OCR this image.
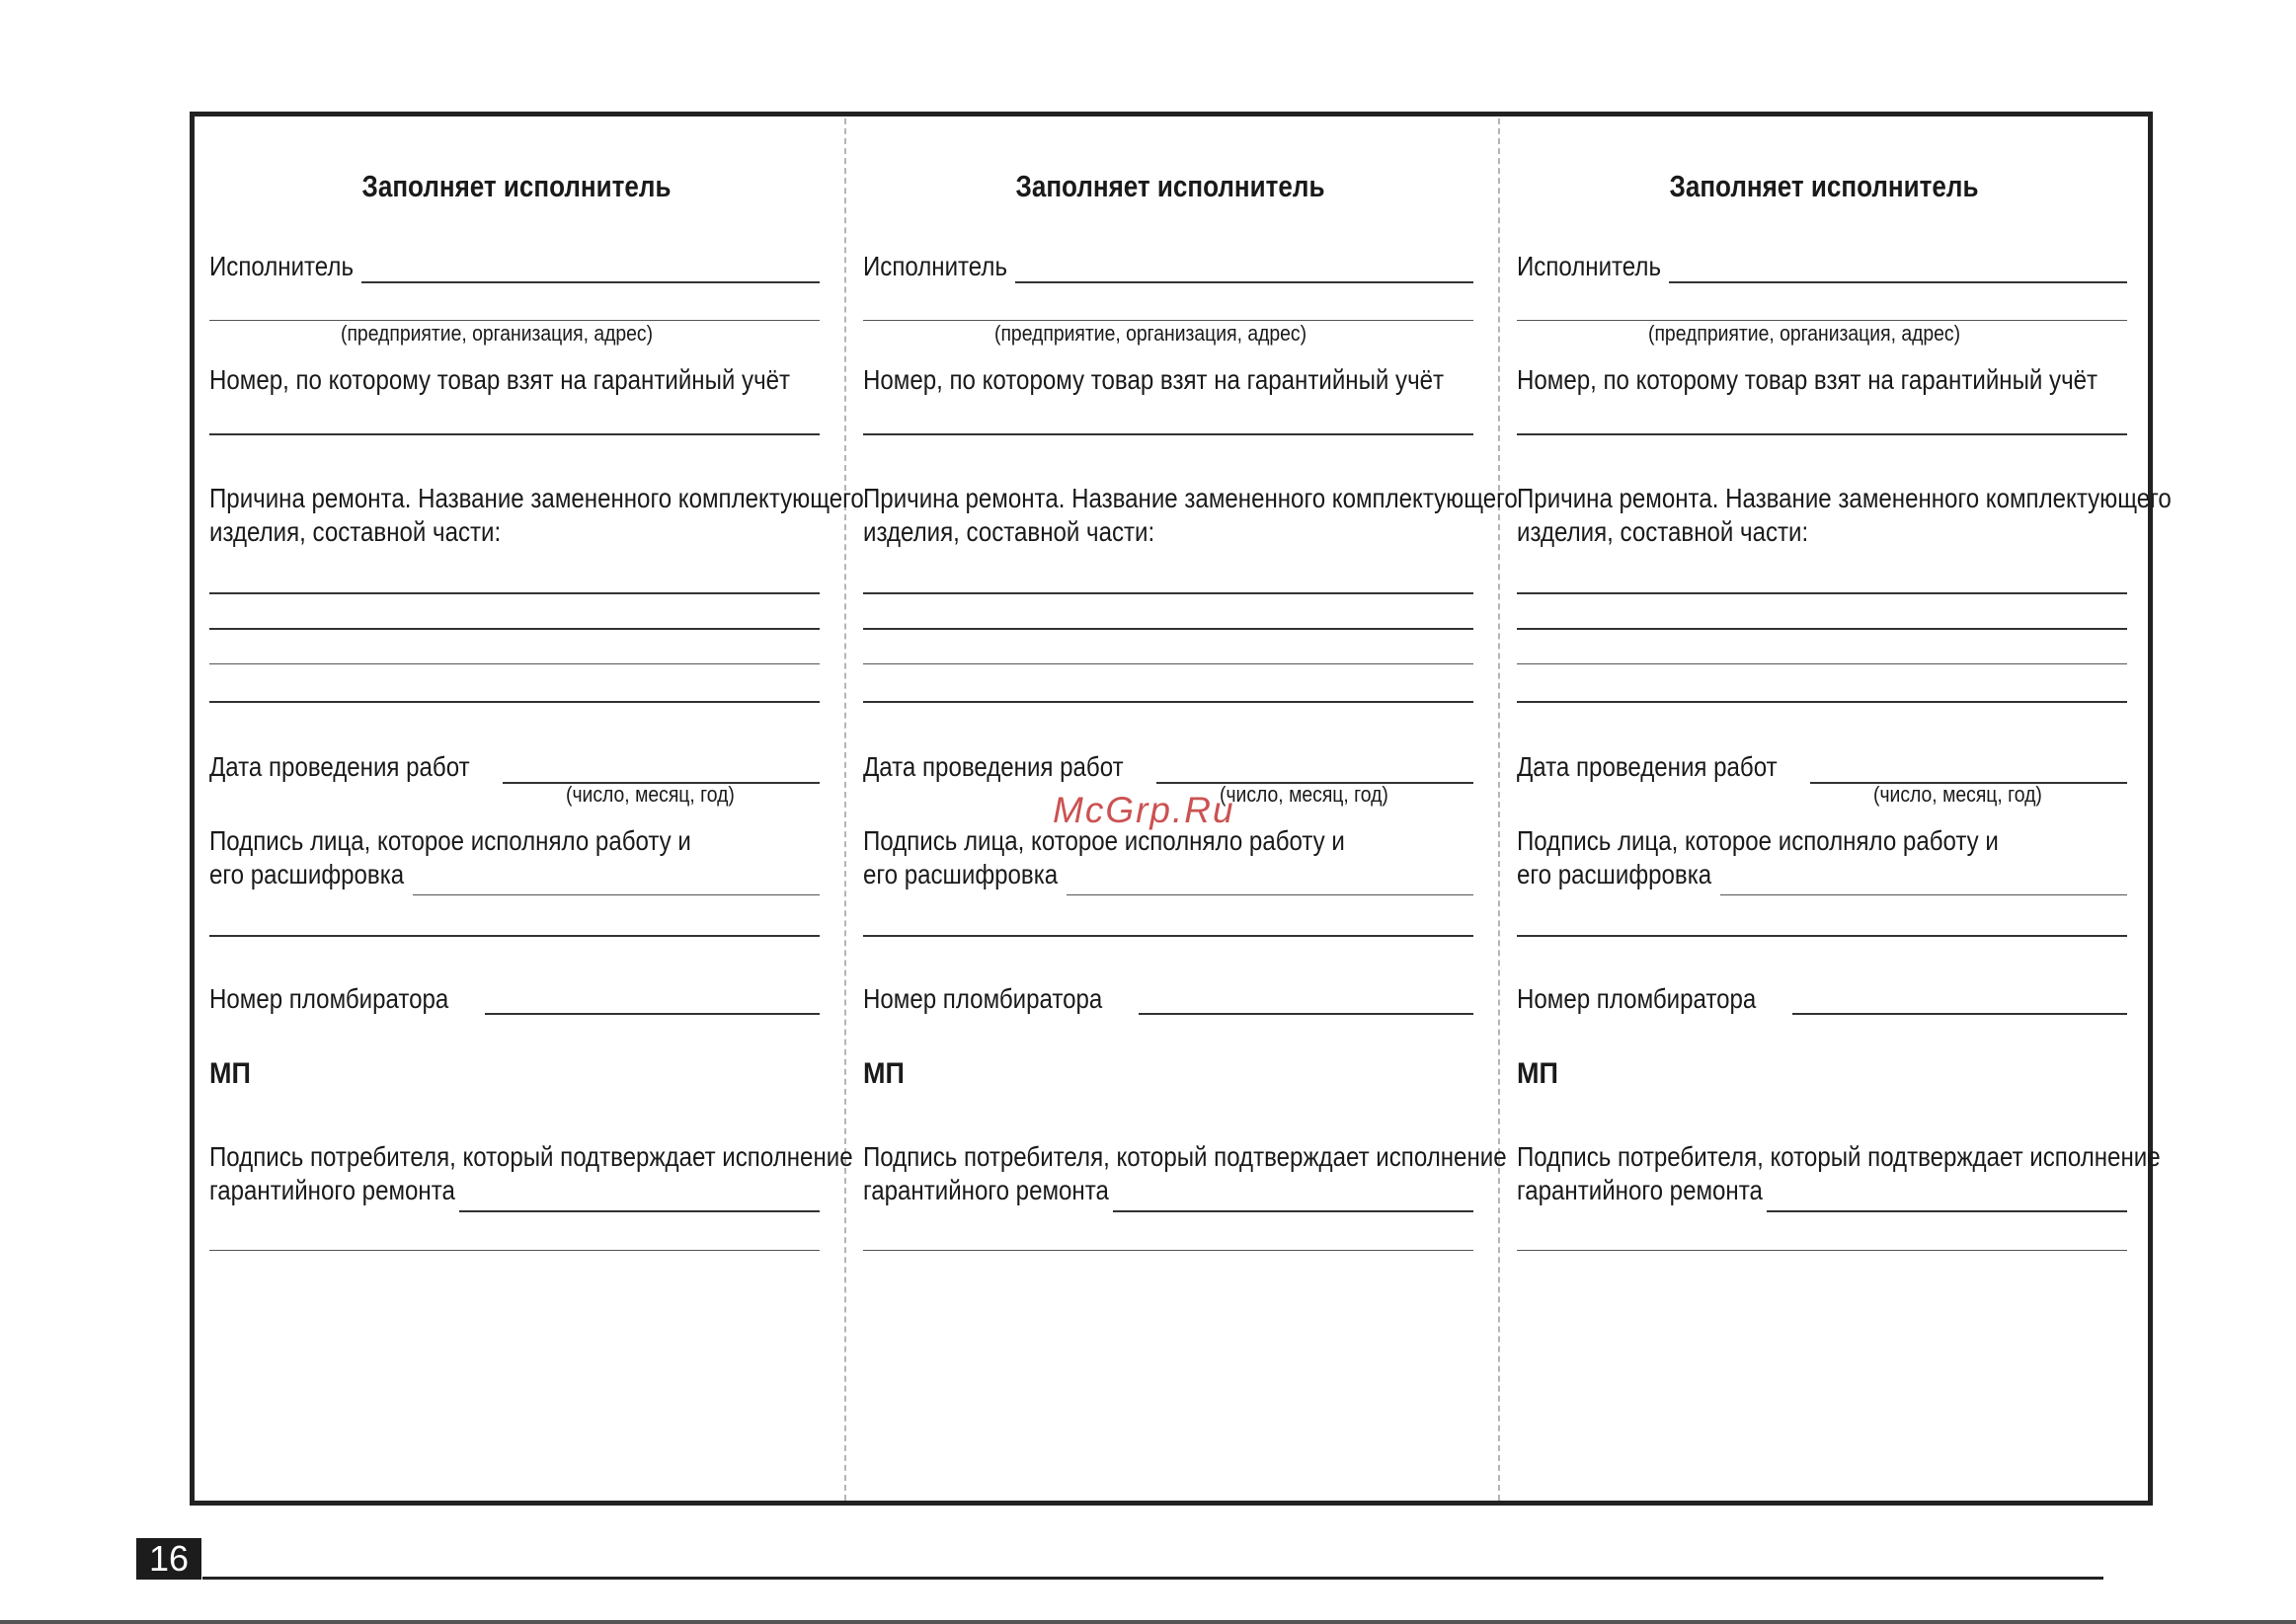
Заполняет исполнитель
Исполнитель
(предприятие, организация, адрес)
Номер, по которому товар взят на гарантийный учёт
Причина ремонта. Название замененного комплектующего
изделия, составной части:
Дата проведения работ
(число, месяц, год)
Подпись лица, которое исполняло работу и
его расшифровка
Номер пломбиратора
МП
Подпись потребителя, который подтверждает исполнение
гарантийного ремонта
Заполняет исполнитель
Исполнитель
(предприятие, организация, адрес)
Номер, по которому товар взят на гарантийный учёт
Причина ремонта. Название замененного комплектующего
изделия, составной части:
Дата проведения работ
(число, месяц, год)
Подпись лица, которое исполняло работу и
его расшифровка
Номер пломбиратора
МП
Подпись потребителя, который подтверждает исполнение
гарантийного ремонта
Заполняет исполнитель
Исполнитель
(предприятие, организация, адрес)
Номер, по которому товар взят на гарантийный учёт
Причина ремонта. Название замененного комплектующего
изделия, составной части:
Дата проведения работ
(число, месяц, год)
Подпись лица, которое исполняло работу и
его расшифровка
Номер пломбиратора
МП
Подпись потребителя, который подтверждает исполнение
гарантийного ремонта
McGrp.Ru
16
